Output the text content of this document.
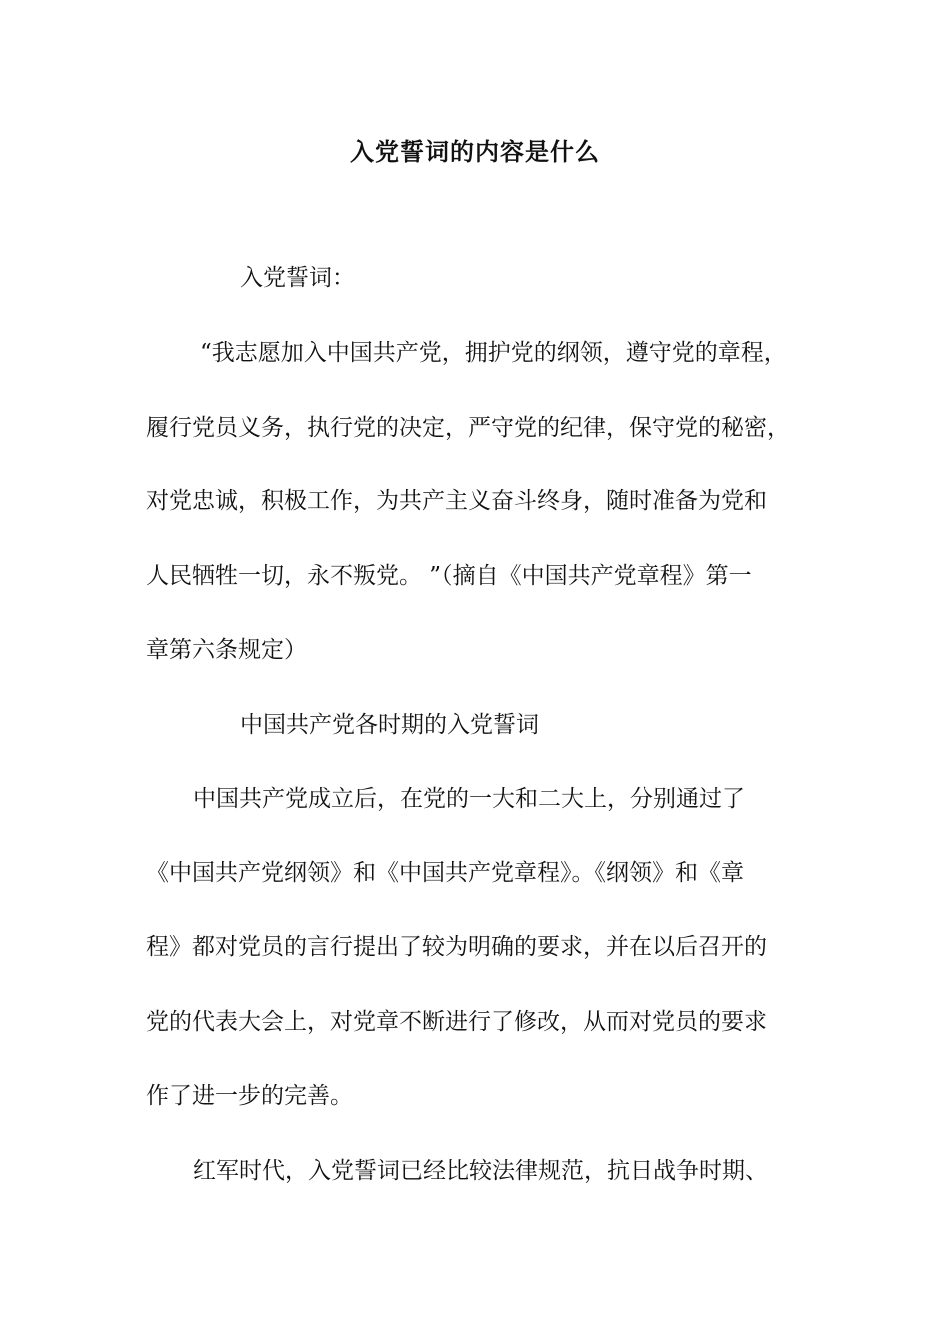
入党誓词的内容是什么
入党誓词：
“我志愿加入中国共产党，拥护党的纲领，遵守党的章程，
履行党员义务，执行党的决定，严守党的纪律，保守党的秘密，
对党忠诚，积极工作，为共产主义奋斗终身，随时准备为党和
人民牺牲一切，永不叛党。 ”（摘自《中国共产党章程》第一
章第六条规定）
中国共产党各时期的入党誓词
中国共产党成立后，在党的一大和二大上，分别通过了
《中国共产党纲领》和《中国共产党章程》。《纲领》和《章
程》都对党员的言行提出了较为明确的要求，并在以后召开的
党的代表大会上，对党章不断进行了修改，从而对党员的要求
作了进一步的完善。
红军时代，入党誓词已经比较法律规范，抗日战争时期、
